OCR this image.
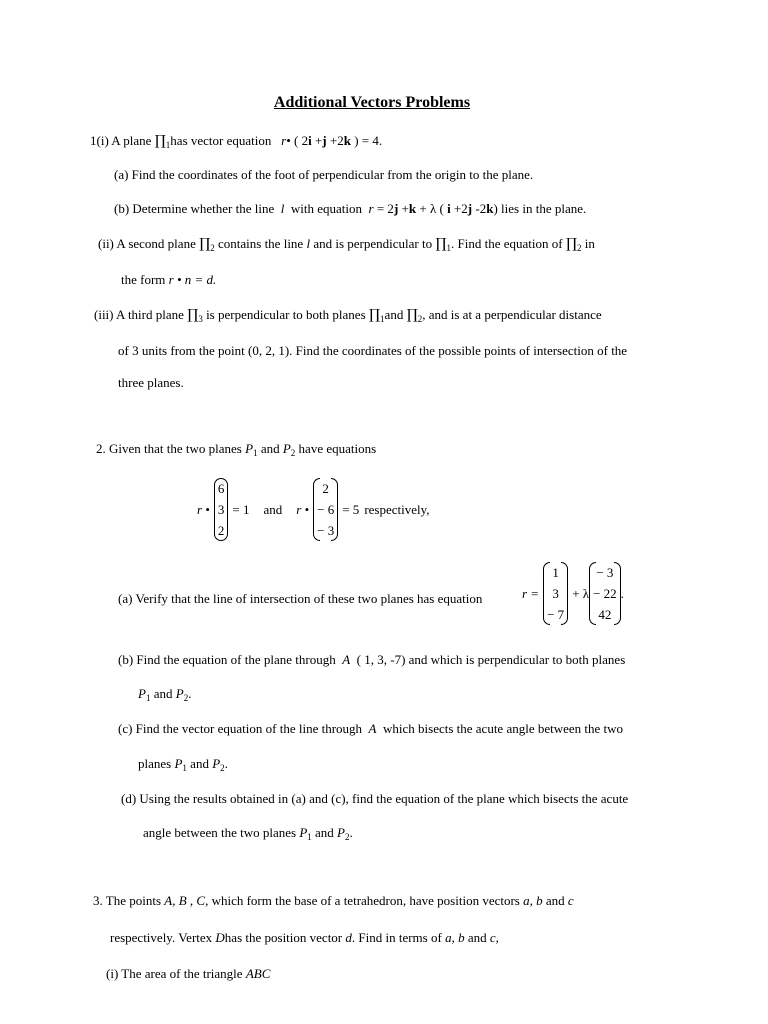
Additional Vectors Problems
1(i) A plane $\prod_1has$ vector equation r• ( 2i +j +2k ) = 4.
(a) Find the coordinates of the foot of perpendicular from the origin to the plane.
(b) Determine whether the line l with equation r = 2j +k + λ ( i +2j -2k) lies in the plane.
(ii) A second plane $\prod_2$ contains the line l and is perpendicular to $\prod_1$. Find the equation of $\prod_2$ in
the form r • n = d.
(iii) A third plane $\prod_3$ is perpendicular to both planes $\prod_1and$ $\prod_2$, and is at a perpendicular distance
of 3 units from the point (0, 2, 1). Find the coordinates of the possible points of intersection of the
three planes.
2. Given that the two planes $P_1$ and $P_2$ have equations
r •
6
3
2
= 1 and r •
2
− 6
− 3
= 5 respectively,
(a) Verify that the line of intersection of these two planes has equation	r =
1
3
− 7
+ λ
− 3
− 22
42
.
(b) Find the equation of the plane through A ( 1, 3, -7) and which is perpendicular to both planes
$P_1$ and $P_2$.
(c) Find the vector equation of the line through A which bisects the acute angle between the two
planes $P_1$ and $P_2$.
(d) Using the results obtained in (a) and (c), find the equation of the plane which bisects the acute
angle between the two planes $P_1$ and $P_2$.
3. The points A, B , C, which form the base of a tetrahedron, have position vectors a, b and c
respectively. Vertex Dhas the position vector d. Find in terms of a, b and c,
(i) The area of the triangle ABC
